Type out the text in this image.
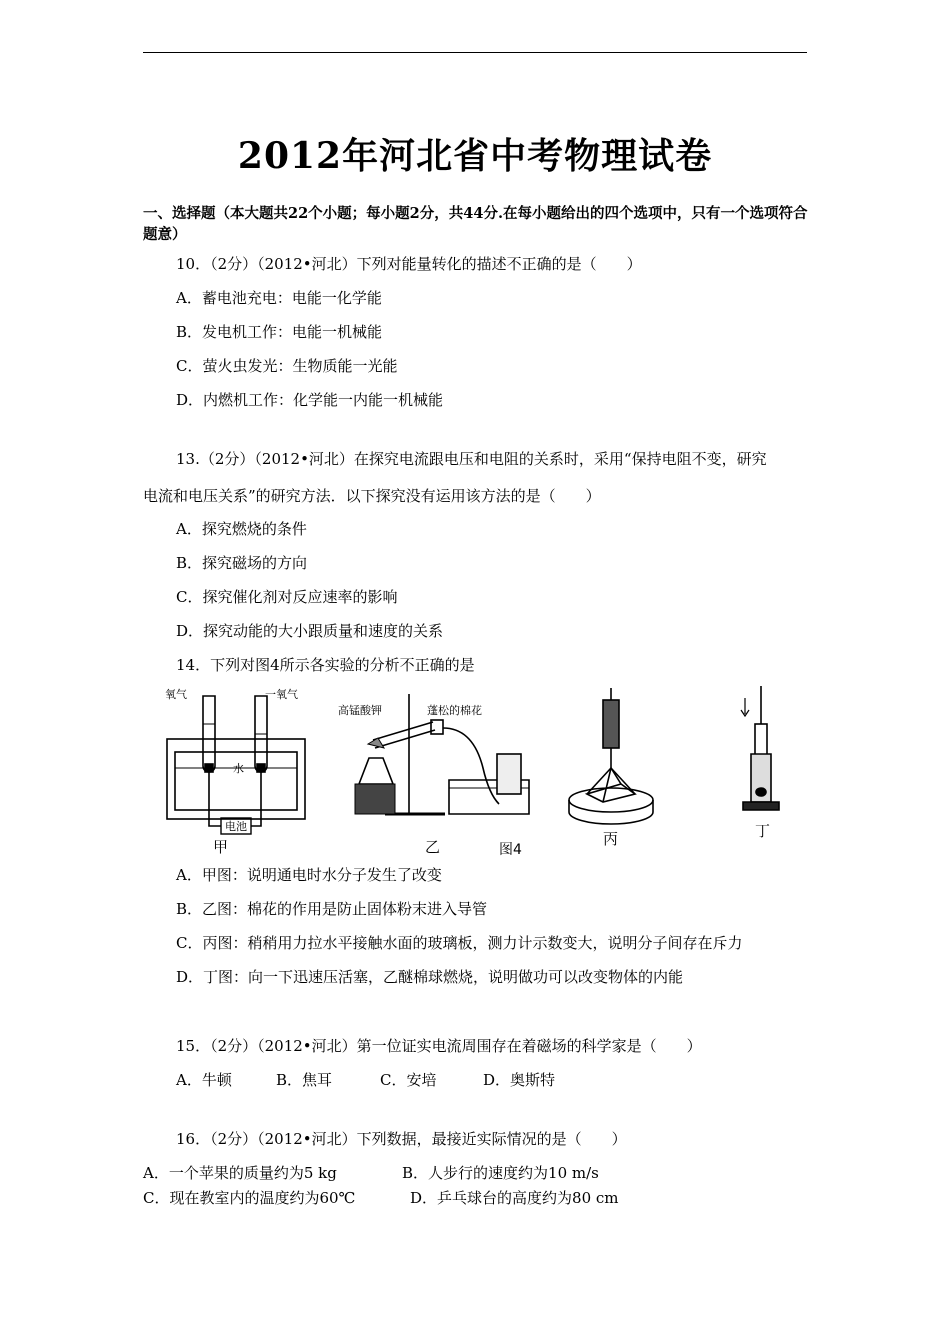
2012年河北省中考物理试卷
一、选择题（本大题共22个小题；每小题2分，共44分.在每小题给出的四个选项中，只有一个选项符合题意）
10．（2分）（2012•河北）下列对能量转化的描述不正确的是（　　）
A．蓄电池充电：电能一化学能
B．发电机工作：电能一机械能
C．萤火虫发光：生物质能一光能
D．内燃机工作：化学能一内能一机械能
13.（2分）（2012•河北）在探究电流跟电压和电阻的关系时，采用“保持电阻不变，研究
电流和电压关系”的研究方法．以下探究没有运用该方法的是（　　）
A．探究燃烧的条件
B．探究磁场的方向
C．探究催化剂对反应速率的影响
D．探究动能的大小跟质量和速度的关系
14．下列对图4所示各实验的分析不正确的是
电池
水
氧气	一氧气
甲
高锰酸钾	蓬松的棉花
乙	图4
丙	丁
A．甲图：说明通电时水分子发生了改变
B．乙图：棉花的作用是防止固体粉末进入导管
C．丙图：稍稍用力拉水平接触水面的玻璃板，测力计示数变大，说明分子间存在斥力
D．丁图：向一下迅速压活塞，乙醚棉球燃烧，说明做功可以改变物体的内能
15．（2分）（2012•河北）第一位证实电流周围存在着磁场的科学家是（　　）
A．牛顿	B．焦耳	C．安培	D．奥斯特
16．（2分）（2012•河北）下列数据，最接近实际情况的是（　　）
A．一个苹果的质量约为5 kg	B．人步行的速度约为10 m/s
C．现在教室内的温度约为60℃	D．乒乓球台的高度约为80 cm
